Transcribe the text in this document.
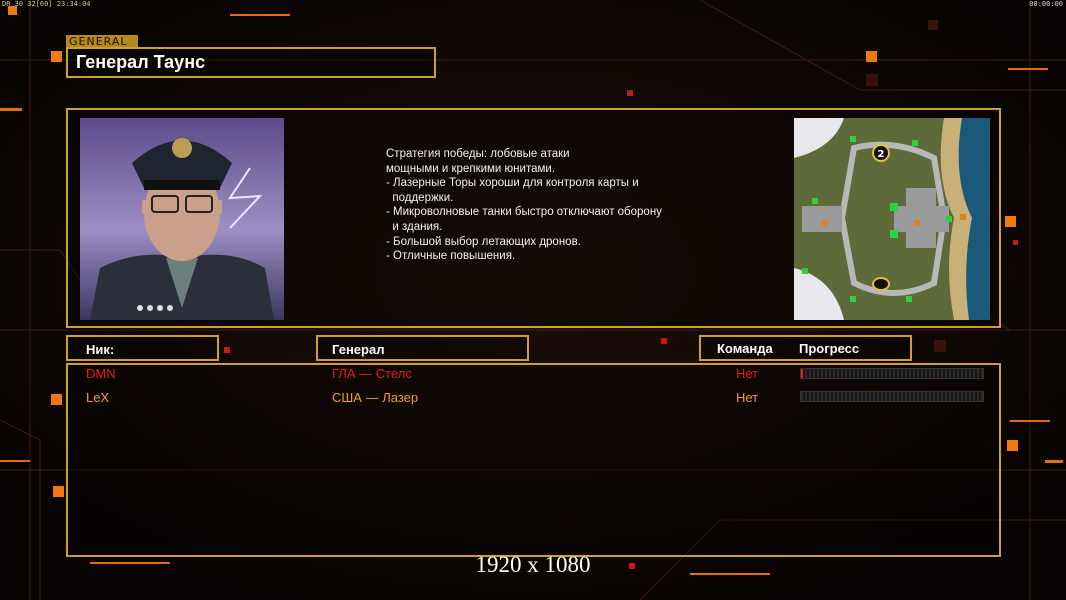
DR 30 32[60] 23:34:04	00:00:00
GENERAL
Генерал Таунс
Стратегия победы: лобовые атаки
мощными и крепкими юнитами.
- Лазерные Торы хороши для контроля карты и
поддержки.
- Микроволновые танки быстро отключают оборону
и здания.
- Большой выбор летающих дронов.
- Отличные повышения.
2
Ник:	Генерал	Команда Прогресс
DMN	ГЛА — Стелс	Нет
LeX	США — Лазер	Нет
1920 x 1080
